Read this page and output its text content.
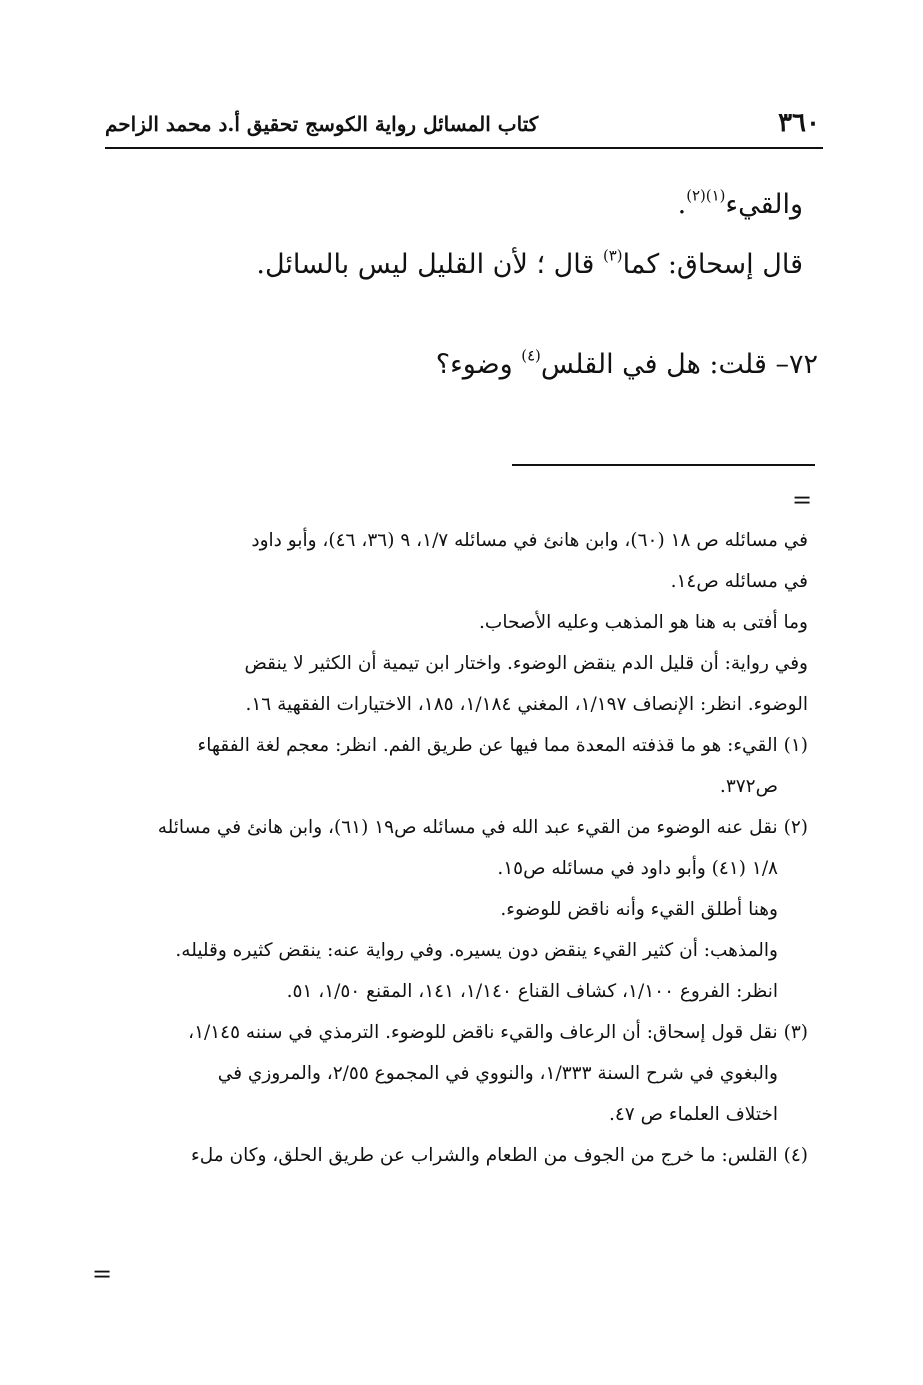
٣٦٠
كتاب المسائل رواية الكوسج تحقيق أ.د محمد الزاحم

والقيء$^{(١)(٢)}$.

قال إسحاق: كما$^{(٣)}$ قال ؛ لأن القليل ليس بالسائل.

٧٢– قلت: هل في القلس$^{(٤)}$ وضوء؟

=

في مسائله ص ١٨ (٦٠)، وابن هانئ في مسائله ١/٧، ٩ (٣٦، ٤٦)، وأبو داود

في مسائله ص١٤.

وما أفتى به هنا هو المذهب وعليه الأصحاب.

وفي رواية: أن قليل الدم ينقض الوضوء. واختار ابن تيمية أن الكثير لا ينقض

الوضوء. انظر: الإنصاف ١/١٩٧، المغني ١/١٨٤، ١٨٥، الاختيارات الفقهية ١٦.

(١)القيء: هو ما قذفته المعدة مما فيها عن طريق الفم. انظر: معجم لغة الفقهاء

ص٣٧٢.

(٢)نقل عنه الوضوء من القيء عبد الله في مسائله ص١٩ (٦١)، وابن هانئ في مسائله

١/٨ (٤١) وأبو داود في مسائله ص١٥.

وهنا أطلق القيء وأنه ناقض للوضوء.

والمذهب: أن كثير القيء ينقض دون يسيره. وفي رواية عنه: ينقض كثيره وقليله.

انظر: الفروع ١/١٠٠، كشاف القناع ١/١٤٠، ١٤١، المقنع ١/٥٠، ٥١.

(٣)نقل قول إسحاق: أن الرعاف والقيء ناقض للوضوء. الترمذي في سننه ١/١٤٥،

والبغوي في شرح السنة ١/٣٣٣، والنووي في المجموع ٢/٥٥، والمروزي في

اختلاف العلماء ص ٤٧.

(٤)القلس: ما خرج من الجوف من الطعام والشراب عن طريق الحلق، وكان ملء

=
